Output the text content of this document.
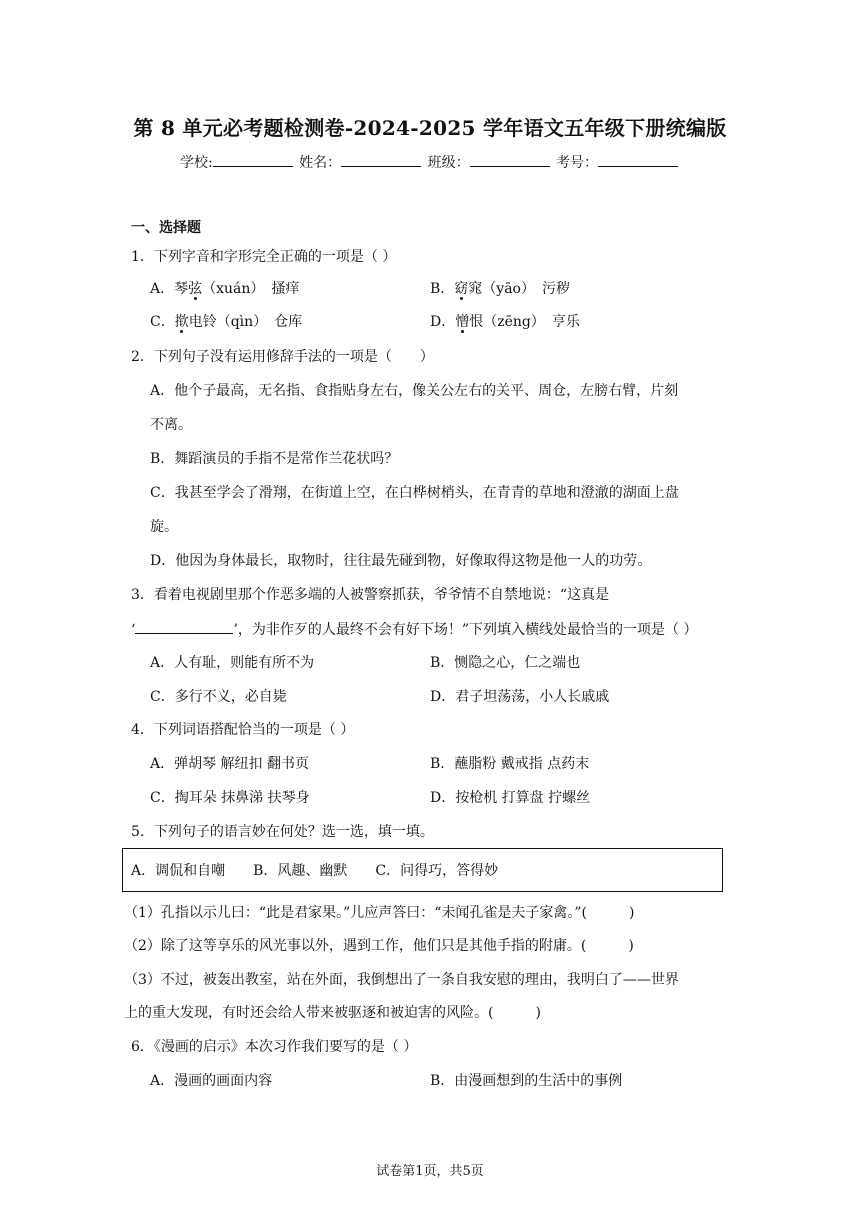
第 8 单元必考题检测卷-2024-2025 学年语文五年级下册统编版
学校:	姓名：	班级：	考号：
一、选择题
1．下列字音和字形完全正确的一项是（ ）
A．琴弦（xuán）　搔痒	B．窈窕（yāo）　污秽
C．揿电铃（qìn）　仓库	D．憎恨（zēng）　亨乐
2．下列句子没有运用修辞手法的一项是（　　）
A．他个子最高，无名指、食指贴身左右，像关公左右的关平、周仓，左膀右臂，片刻
不离。
B．舞蹈演员的手指不是常作兰花状吗？
C．我甚至学会了滑翔，在街道上空，在白桦树梢头，在青青的草地和澄澈的湖面上盘
旋。
D．他因为身体最长，取物时，往往最先碰到物，好像取得这物是他一人的功劳。
3．看着电视剧里那个作恶多端的人被警察抓获，爷爷情不自禁地说：“这真是
‘	’，为非作歹的人最终不会有好下场！”下列填入横线处最恰当的一项是（ ）
A．人有耻，则能有所不为	B．恻隐之心，仁之端也
C．多行不义，必自毙	D．君子坦荡荡，小人长戚戚
4．下列词语搭配恰当的一项是（ ）
A．弹胡琴 解纽扣 翻书页	B．蘸脂粉 戴戒指 点药末
C．掏耳朵 抹鼻涕 扶琴身	D．按枪机 打算盘 拧螺丝
5．下列句子的语言妙在何处？选一选，填一填。
A．调侃和自嘲　　B．风趣、幽默　　C．问得巧，答得妙
（1）孔指以示儿曰：“此是君家果。”儿应声答曰：“未闻孔雀是夫子家禽。”(　　　)
（2）除了这等享乐的风光事以外，遇到工作，他们只是其他手指的附庸。(　　　)
（3）不过，被轰出教室，站在外面，我倒想出了一条自我安慰的理由，我明白了——世界
上的重大发现，有时还会给人带来被驱逐和被迫害的风险。(　　　)
6．《漫画的启示》本次习作我们要写的是（ ）
A．漫画的画面内容	B．由漫画想到的生活中的事例
试卷第1页，共5页
